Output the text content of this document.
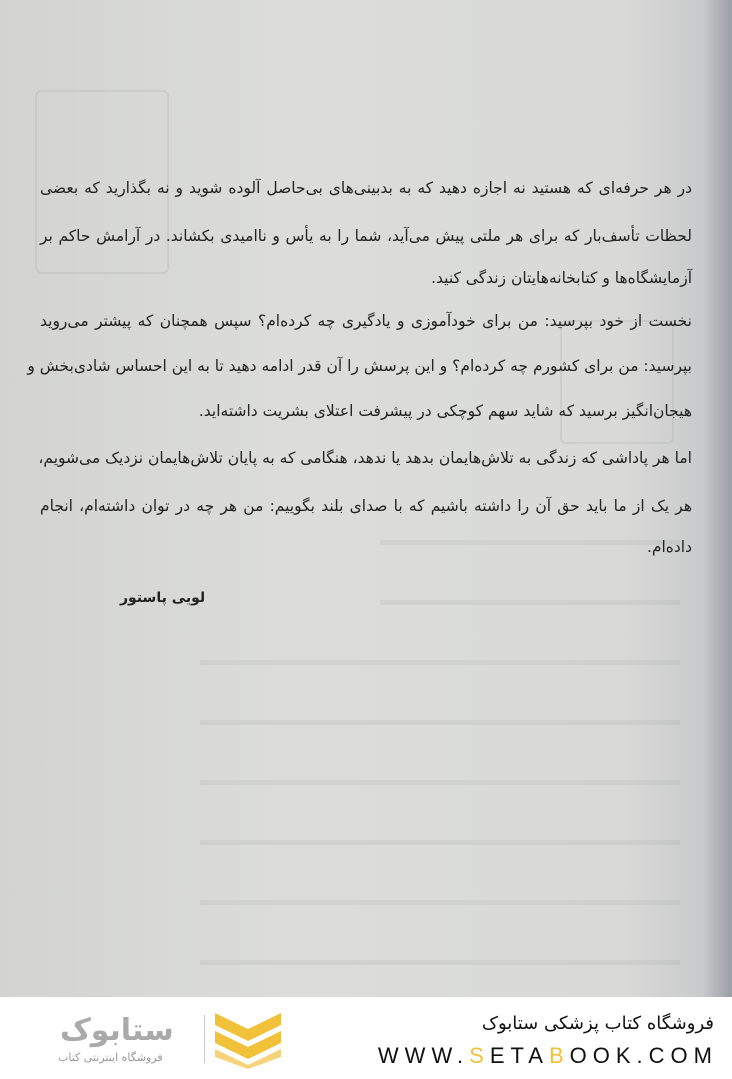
در هر حرفه‌ای که هستید نه اجازه دهید که به بدبینی‌های بی‌حاصل آلوده شوید و نه بگذارید که بعضی
لحظات تأسف‌بار که برای هر ملتی پیش می‌آید، شما را به یأس و ناامیدی بکشاند. در آرامش حاکم بر
آزمایشگاه‌ها و کتابخانه‌هایتان زندگی کنید.
نخست از خود بپرسید: من برای خودآموزی و یادگیری چه کرده‌ام؟ سپس همچنان که پیشتر می‌روید
بپرسید: من برای کشورم چه کرده‌ام؟ و این پرسش را آن قدر ادامه دهید تا به این احساس شادی‌بخش و
هیجان‌انگیز برسید که شاید سهم کوچکی در پیشرفت اعتلای بشریت داشته‌اید.
اما هر پاداشی که زندگی به تلاش‌هایمان بدهد یا ندهد، هنگامی که به پایان تلاش‌هایمان نزدیک می‌شویم،
هر یک از ما باید حق آن را داشته باشیم که با صدای بلند بگوییم: من هر چه در توان داشته‌ام، انجام
داده‌ام.
لویی پاستور
ستابوک
فروشگاه اینترنتی کتاب
فروشگاه کتاب پزشکی ستابوک
WWW.SETABOOK.COM
